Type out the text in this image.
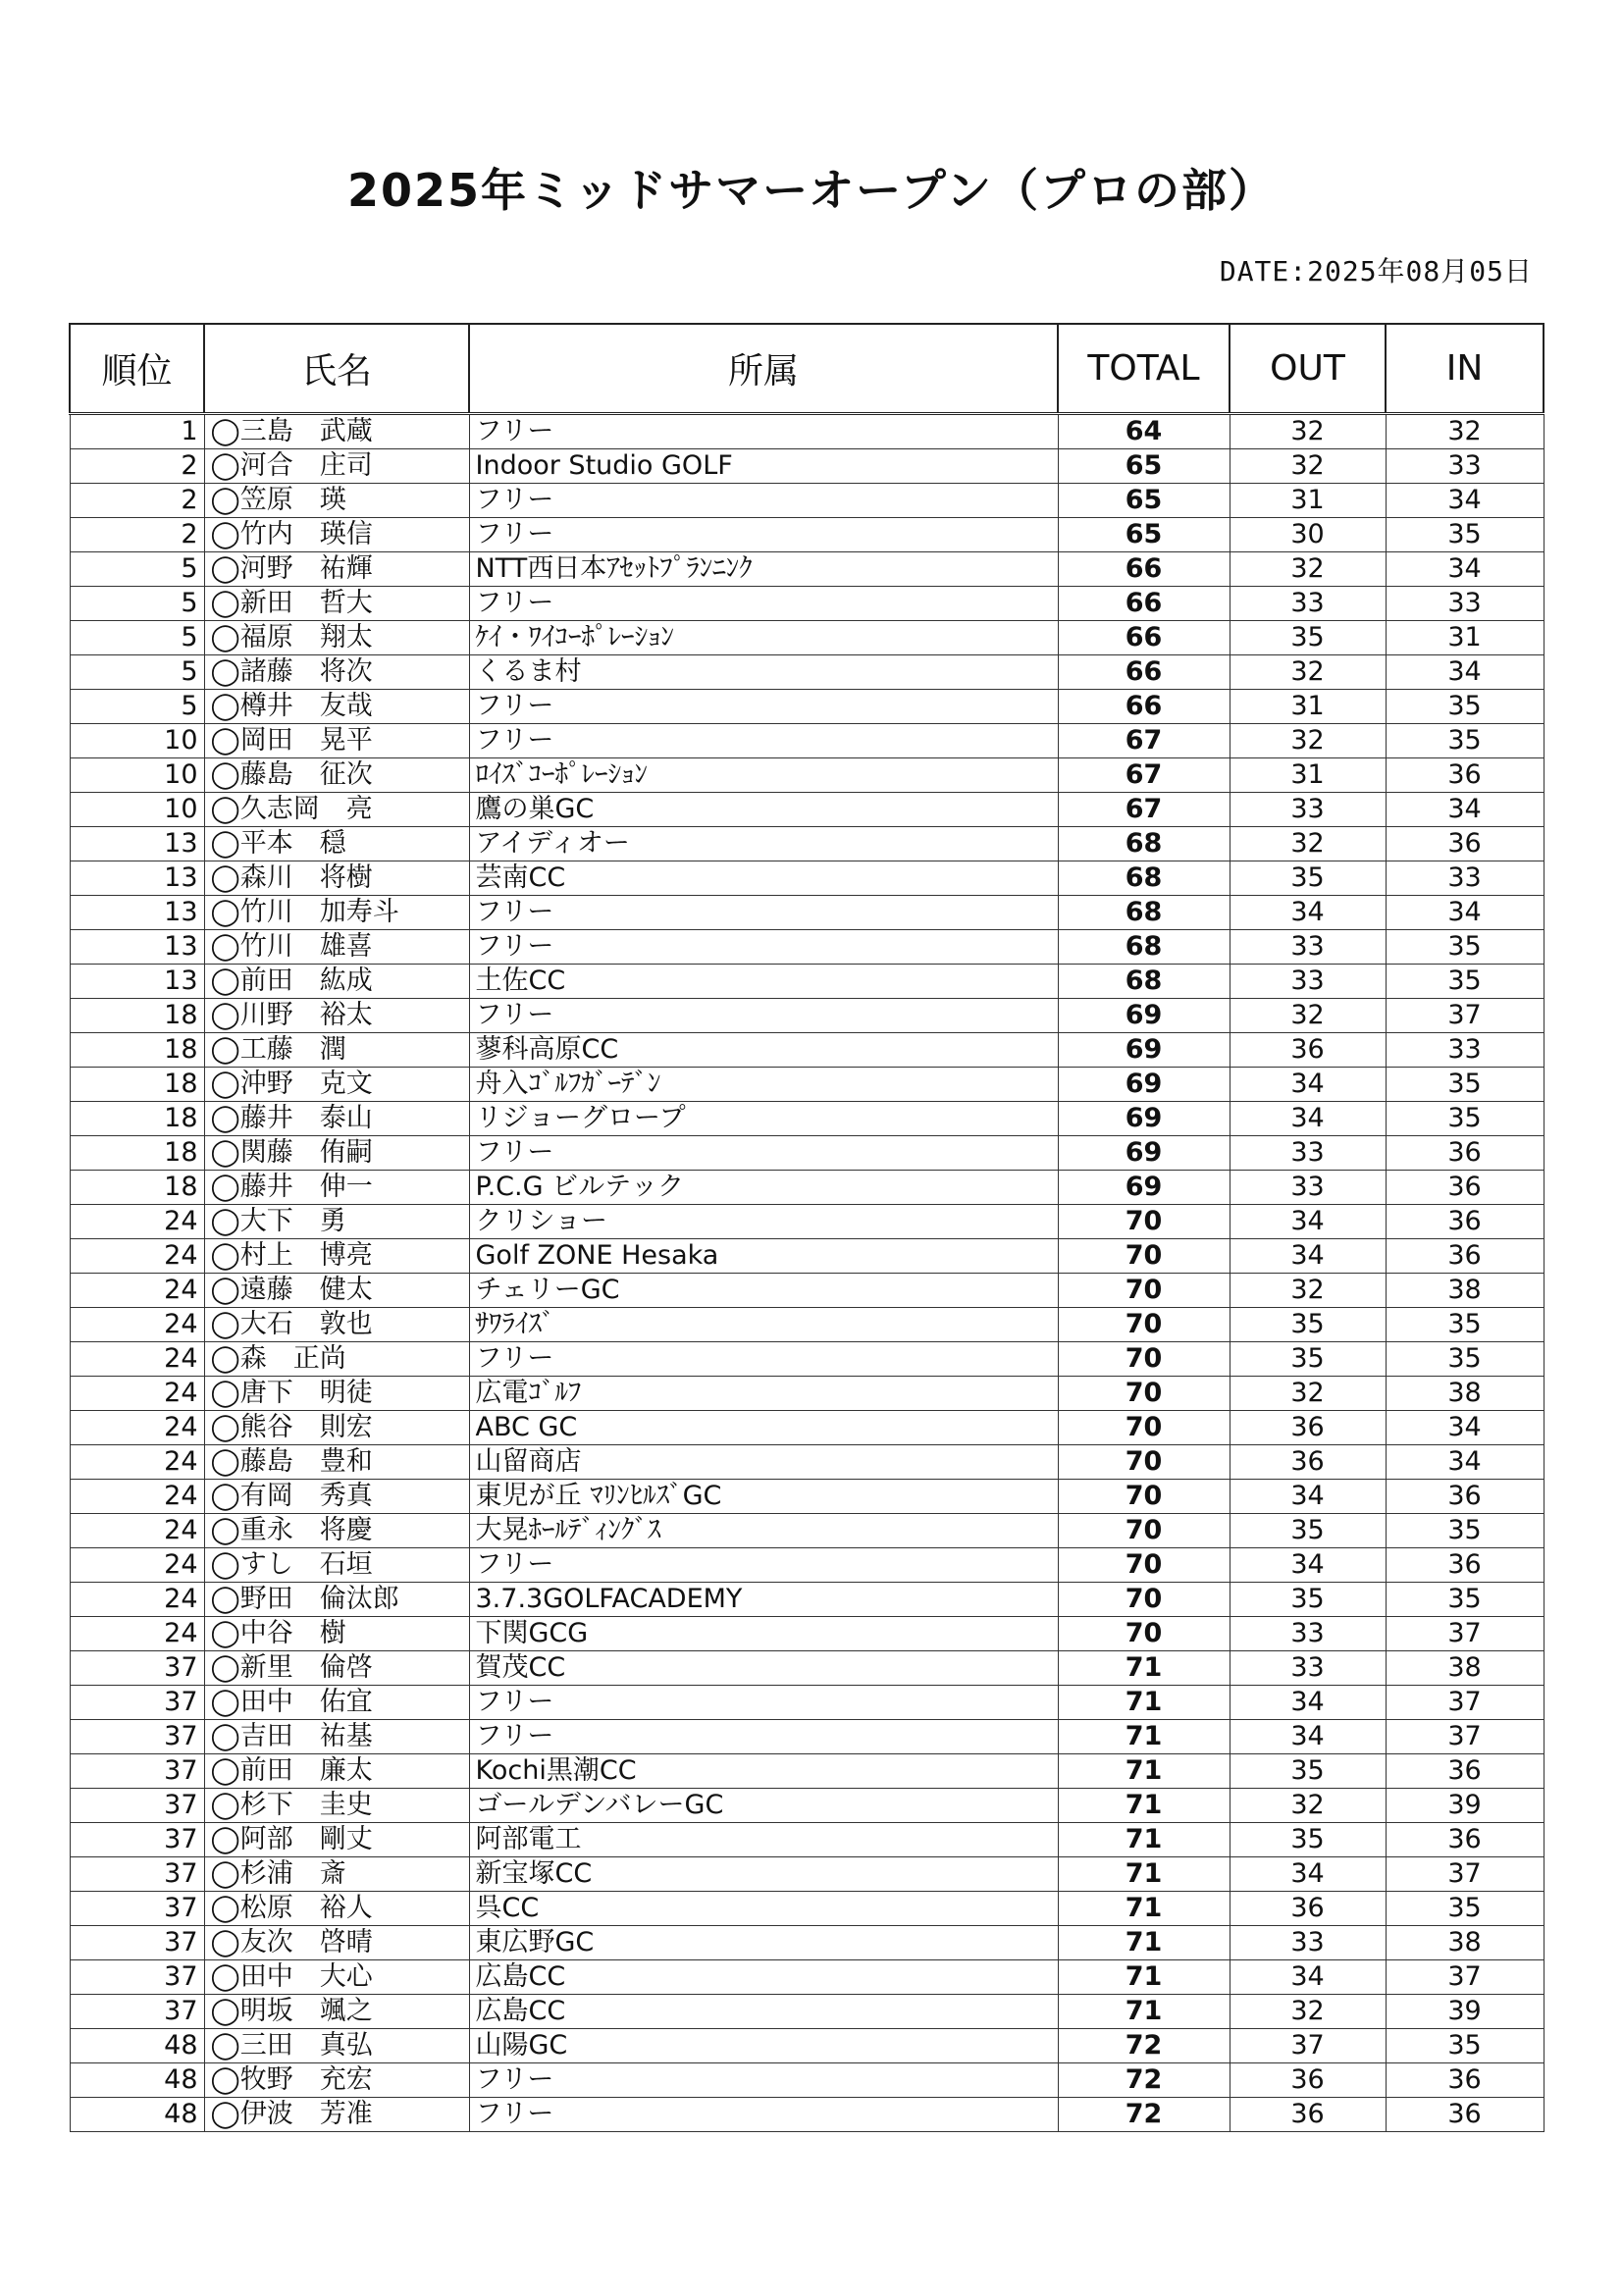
2025年ミッドサマーオープン（プロの部）
DATE:2025年08月05日
順位	氏名	所属	TOTAL	OUT	IN
1	◯三島　武蔵	フリー	64	32	32
2	◯河合　庄司	Indoor Studio GOLF	65	32	33
2	◯笠原　瑛	フリー	65	31	34
2	◯竹内　瑛信	フリー	65	30	35
5	◯河野　祐輝	NTT西日本ｱｾｯﾄﾌﾟﾗﾝﾆﾝｸ	66	32	34
5	◯新田　哲大	フリー	66	33	33
5	◯福原　翔太	ｹｲ・ﾜｲｺｰﾎﾟﾚｰｼｮﾝ	66	35	31
5	◯諸藤　将次	くるま村	66	32	34
5	◯樽井　友哉	フリー	66	31	35
10	◯岡田　晃平	フリー	67	32	35
10	◯藤島　征次	ﾛｲｽﾞｺｰﾎﾟﾚｰｼｮﾝ	67	31	36
10	◯久志岡　亮	鷹の巣GC	67	33	34
13	◯平本　穏	アイディオー	68	32	36
13	◯森川　将樹	芸南CC	68	35	33
13	◯竹川　加寿斗	フリー	68	34	34
13	◯竹川　雄喜	フリー	68	33	35
13	◯前田　紘成	土佐CC	68	33	35
18	◯川野　裕太	フリー	69	32	37
18	◯工藤　潤	蓼科高原CC	69	36	33
18	◯沖野　克文	舟入ｺﾞﾙﾌｶﾞｰﾃﾞﾝ	69	34	35
18	◯藤井　泰山	リジョーグロープ	69	34	35
18	◯関藤　侑嗣	フリー	69	33	36
18	◯藤井　伸一	P.C.G ビルテック	69	33	36
24	◯大下　勇	クリショー	70	34	36
24	◯村上　博亮	Golf ZONE Hesaka	70	34	36
24	◯遠藤　健太	チェリーGC	70	32	38
24	◯大石　敦也	ｻﾜﾗｲｽﾞ	70	35	35
24	◯森　正尚	フリー	70	35	35
24	◯唐下　明徒	広電ｺﾞﾙﾌ	70	32	38
24	◯熊谷　則宏	ABC GC	70	36	34
24	◯藤島　豊和	山留商店	70	36	34
24	◯有岡　秀真	東児が丘 ﾏﾘﾝﾋﾙｽﾞGC	70	34	36
24	◯重永　将慶	大晃ﾎｰﾙﾃﾞｨﾝｸﾞｽ	70	35	35
24	◯すし　石垣	フリー	70	34	36
24	◯野田　倫汰郎	3.7.3GOLFACADEMY	70	35	35
24	◯中谷　樹	下関GCG	70	33	37
37	◯新里　倫啓	賀茂CC	71	33	38
37	◯田中　佑宜	フリー	71	34	37
37	◯吉田　祐基	フリー	71	34	37
37	◯前田　廉太	Kochi黒潮CC	71	35	36
37	◯杉下　圭史	ゴールデンバレーGC	71	32	39
37	◯阿部　剛丈	阿部電工	71	35	36
37	◯杉浦　斎	新宝塚CC	71	34	37
37	◯松原　裕人	呉CC	71	36	35
37	◯友次　啓晴	東広野GC	71	33	38
37	◯田中　大心	広島CC	71	34	37
37	◯明坂　颯之	広島CC	71	32	39
48	◯三田　真弘	山陽GC	72	37	35
48	◯牧野　充宏	フリー	72	36	36
48	◯伊波　芳准	フリー	72	36	36
